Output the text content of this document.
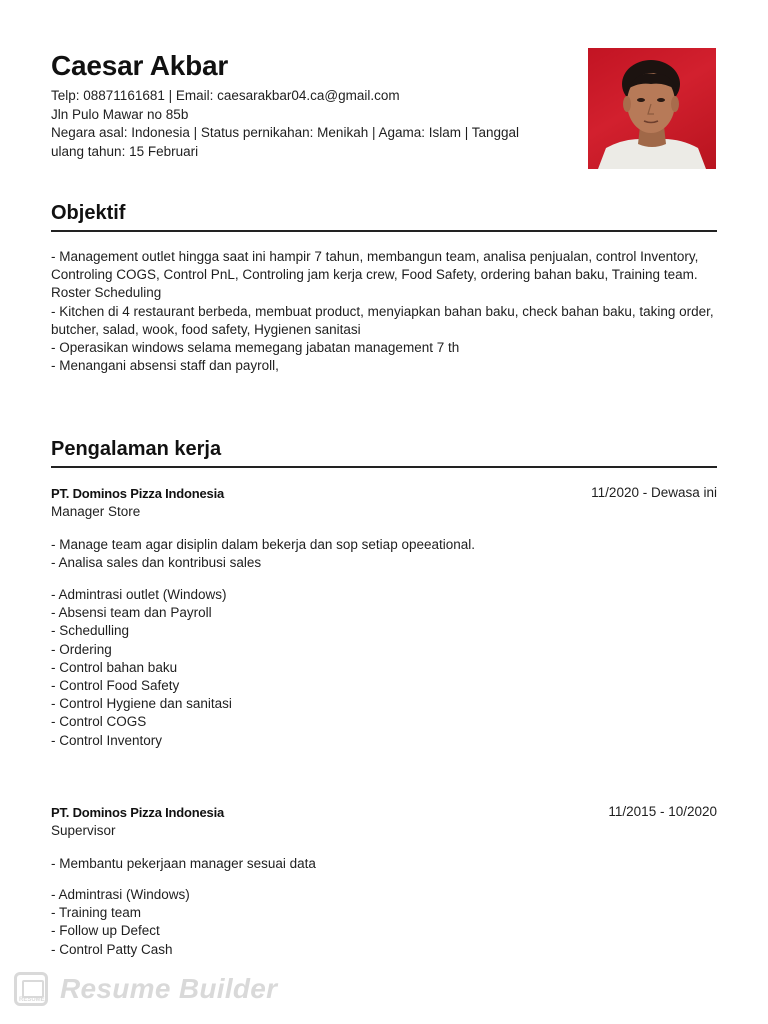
Caesar Akbar
Telp: 08871161681 | Email: caesarakbar04.ca@gmail.com
Jln Pulo Mawar no 85b
Negara asal: Indonesia | Status pernikahan: Menikah | Agama: Islam | Tanggal ulang tahun: 15 Februari
Objektif
- Management outlet hingga saat ini hampir 7 tahun, membangun team, analisa penjualan, control Inventory, Controling COGS, Control PnL, Controling jam kerja crew, Food Safety, ordering bahan baku, Training team. Roster Scheduling
- Kitchen di 4 restaurant berbeda, membuat product, menyiapkan bahan baku, check bahan baku, taking order, butcher, salad, wook, food safety, Hygienen sanitasi
- Operasikan windows selama memegang jabatan management 7 th
- Menangani absensi staff dan payroll,
Pengalaman kerja
PT. Dominos Pizza Indonesia	11/2020 - Dewasa ini
Manager Store
- Manage team agar disiplin dalam bekerja dan sop setiap opeeational.
- Analisa sales dan kontribusi sales
- Admintrasi outlet (Windows)
- Absensi team dan Payroll
- Schedulling
- Ordering
- Control bahan baku
- Control Food Safety
- Control Hygiene dan sanitasi
- Control COGS
- Control Inventory
PT. Dominos Pizza Indonesia	11/2015 - 10/2020
Supervisor
- Membantu pekerjaan manager sesuai data
- Admintrasi (Windows)
- Training team
- Follow up Defect
- Control Patty Cash
RESUME Resume Builder
